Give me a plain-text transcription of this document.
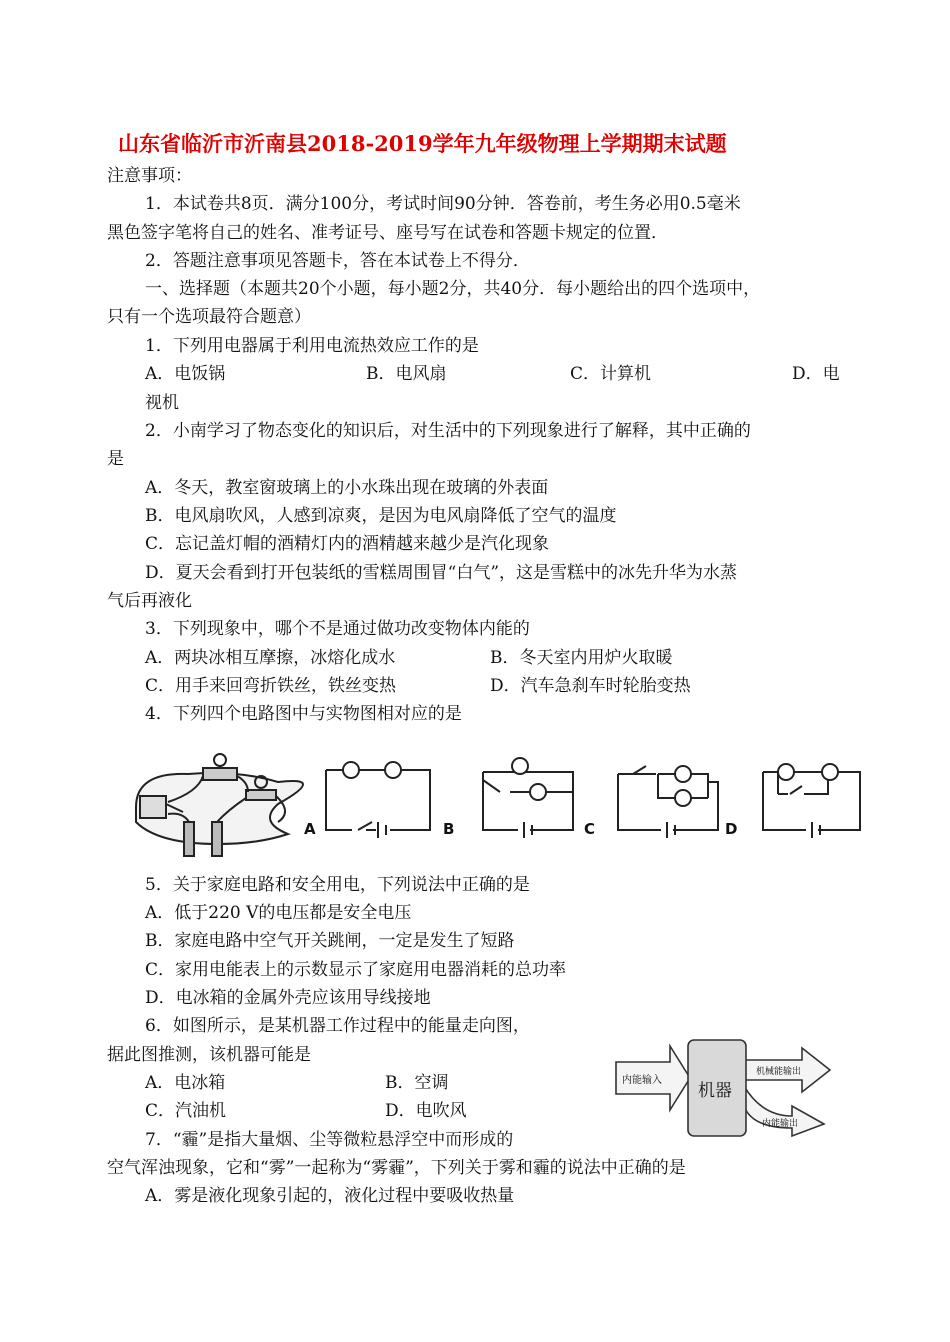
山东省临沂市沂南县2018-2019学年九年级物理上学期期末试题
注意事项：
1．本试卷共8页．满分100分，考试时间90分钟．答卷前，考生务必用0.5毫米
黑色签字笔将自己的姓名、准考证号、座号写在试卷和答题卡规定的位置．
2．答题注意事项见答题卡，答在本试卷上不得分．
一、选择题（本题共20个小题，每小题2分，共40分．每小题给出的四个选项中，
只有一个选项最符合题意）
1．下列用电器属于利用电流热效应工作的是
A．电饭锅	B．电风扇	C．计算机	D．电
视机
2．小南学习了物态变化的知识后，对生活中的下列现象进行了解释，其中正确的
是
A．冬天，教室窗玻璃上的小水珠出现在玻璃的外表面
B．电风扇吹风，人感到凉爽，是因为电风扇降低了空气的温度
C．忘记盖灯帽的酒精灯内的酒精越来越少是汽化现象
D．夏天会看到打开包装纸的雪糕周围冒“白气”，这是雪糕中的冰先升华为水蒸
气后再液化
3．下列现象中，哪个不是通过做功改变物体内能的
A．两块冰相互摩擦，冰熔化成水	B．冬天室内用炉火取暖
C．用手来回弯折铁丝，铁丝变热	D．汽车急刹车时轮胎变热
4．下列四个电路图中与实物图相对应的是
A	B	C	D
5．关于家庭电路和安全用电，下列说法中正确的是
A．低于220 V的电压都是安全电压
B．家庭电路中空气开关跳闸，一定是发生了短路
C．家用电能表上的示数显示了家庭用电器消耗的总功率
D．电冰箱的金属外壳应该用导线接地
6．如图所示，是某机器工作过程中的能量走向图，
据此图推测，该机器可能是
A．电冰箱	B．空调
C．汽油机	D．电吹风
内能输入
机器
机械能输出
内能输出
7．“霾”是指大量烟、尘等微粒悬浮空中而形成的
空气浑浊现象，它和“雾”一起称为“雾霾”，下列关于雾和霾的说法中正确的是
A．雾是液化现象引起的，液化过程中要吸收热量
